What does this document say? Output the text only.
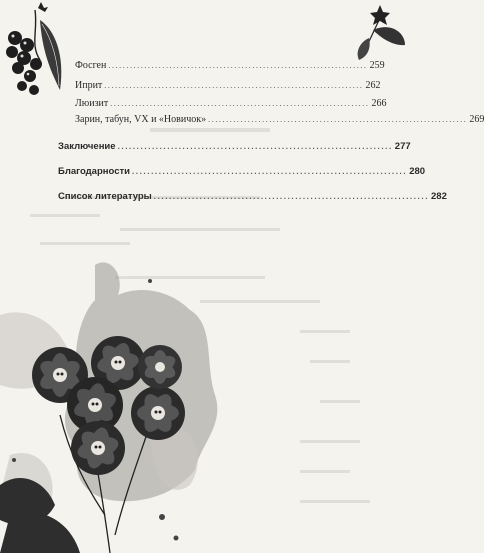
Фосген ........................................................................ 259
Иприт ........................................................................ 262
Люизит ........................................................................ 266
Зарин, табун, VX и «Новичок» ........................................................................ 269
Заключение ........................................................................ 277
Благодарности ........................................................................ 280
Список литературы ........................................................................ 282
